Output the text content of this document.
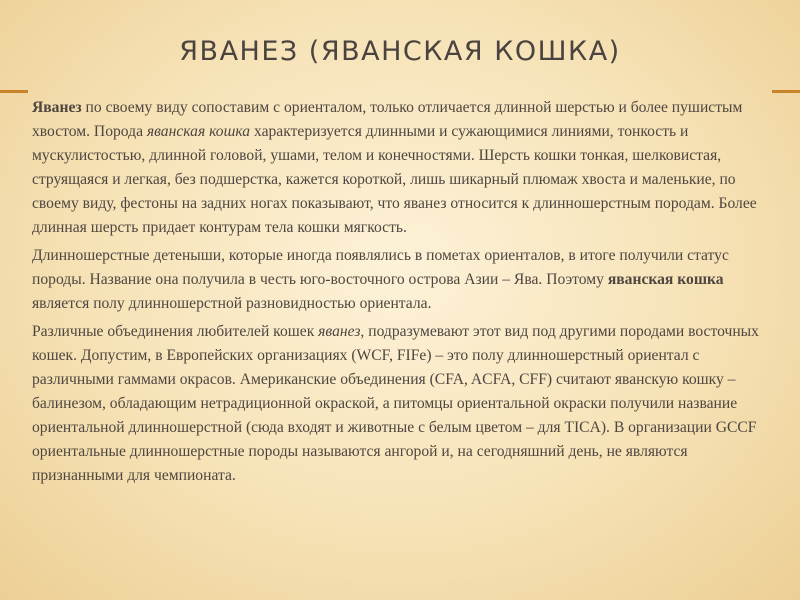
ЯВАНЕЗ (ЯВАНСКАЯ КОШКА)

Яванез по своему виду сопоставим с ориенталом, только отличается длинной шерстью и более пушистым хвостом. Порода яванская кошка характеризуется длинными и сужающимися линиями, тонкость и мускулистостью, длинной головой, ушами, телом и конечностями. Шерсть кошки тонкая, шелковистая, струящаяся и легкая, без подшерстка, кажется короткой, лишь шикарный плюмаж хвоста и маленькие, по своему виду, фестоны на задних ногах показывают, что яванез относится к длинношерстным породам. Более длинная шерсть придает контурам тела кошки мягкость.

Длинношерстные детеныши, которые иногда появлялись в пометах ориенталов, в итоге получили статус породы. Название она получила в честь юго-восточного острова Азии – Ява. Поэтому яванская кошка является полу длинношерстной разновидностью ориентала.

Различные объединения любителей кошек яванез, подразумевают этот вид под другими породами восточных кошек. Допустим, в Европейских организациях (WCF, FIFe) – это полу длинношерстный ориентал с различными гаммами окрасов. Американские объединения (CFA, ACFA, CFF) считают яванскую кошку – балинезом, обладающим нетрадиционной окраской, а питомцы ориентальной окраски получили название ориентальной длинношерстной (сюда входят и животные с белым цветом – для TICA). В организации GCCF ориентальные длинношерстные породы называются ангорой и, на сегодняшний день, не являются признанными для чемпионата.
